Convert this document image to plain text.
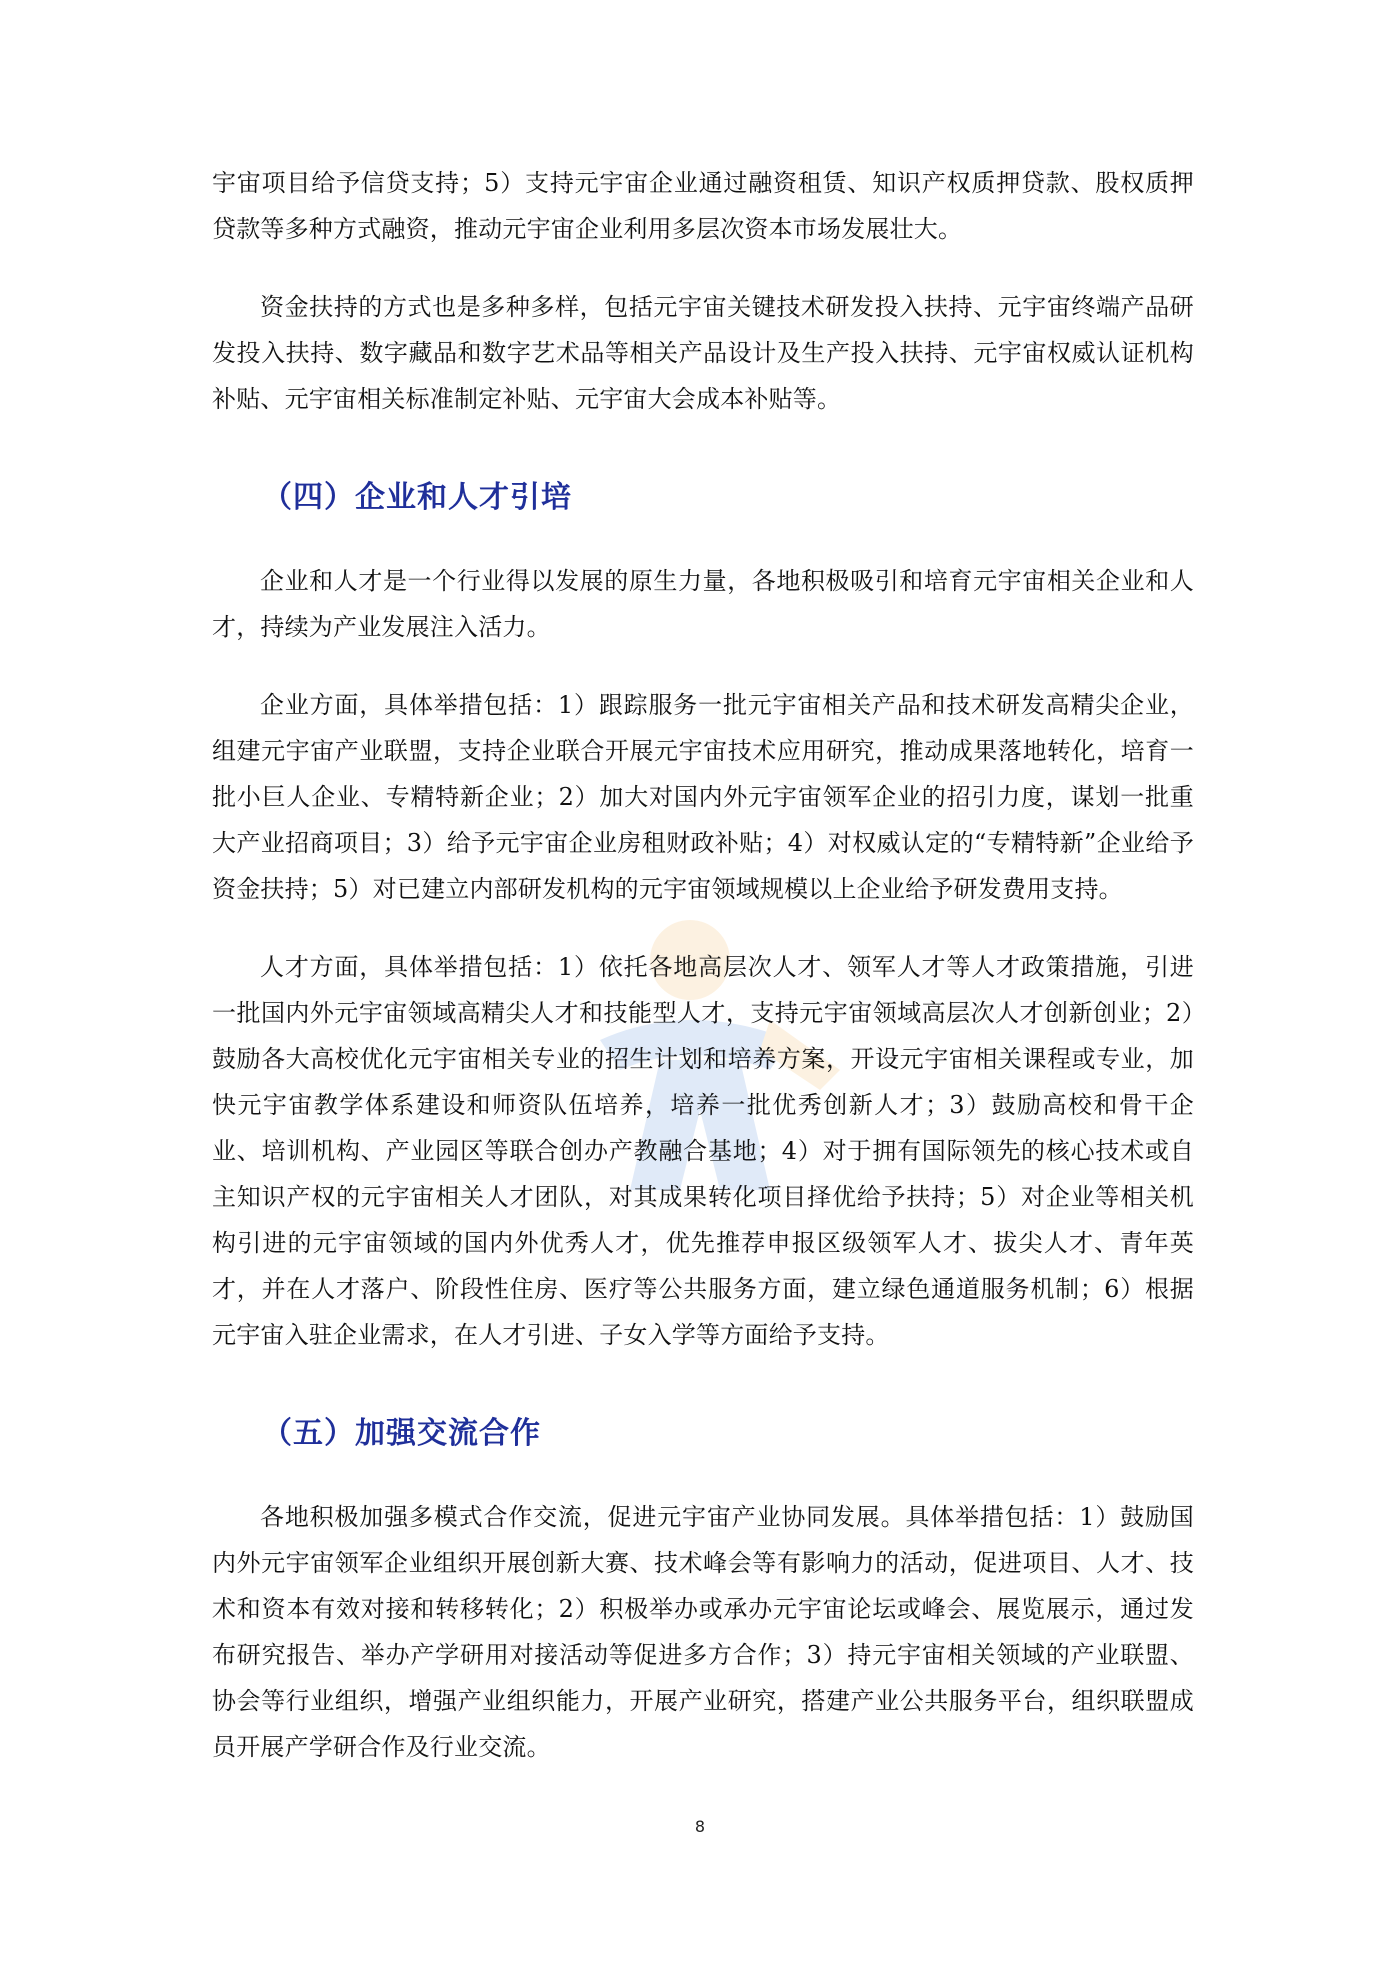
宇宙项目给予信贷支持；5）支持元宇宙企业通过融资租赁、知识产权质押贷款、股权质押贷款等多种方式融资，推动元宇宙企业利用多层次资本市场发展壮大。

资金扶持的方式也是多种多样，包括元宇宙关键技术研发投入扶持、元宇宙终端产品研发投入扶持、数字藏品和数字艺术品等相关产品设计及生产投入扶持、元宇宙权威认证机构补贴、元宇宙相关标准制定补贴、元宇宙大会成本补贴等。

（四）企业和人才引培

企业和人才是一个行业得以发展的原生力量，各地积极吸引和培育元宇宙相关企业和人才，持续为产业发展注入活力。

企业方面，具体举措包括：1）跟踪服务一批元宇宙相关产品和技术研发高精尖企业，组建元宇宙产业联盟，支持企业联合开展元宇宙技术应用研究，推动成果落地转化，培育一批小巨人企业、专精特新企业；2）加大对国内外元宇宙领军企业的招引力度，谋划一批重大产业招商项目；3）给予元宇宙企业房租财政补贴；4）对权威认定的“专精特新”企业给予资金扶持；5）对已建立内部研发机构的元宇宙领域规模以上企业给予研发费用支持。

人才方面，具体举措包括：1）依托各地高层次人才、领军人才等人才政策措施，引进一批国内外元宇宙领域高精尖人才和技能型人才，支持元宇宙领域高层次人才创新创业；2）鼓励各大高校优化元宇宙相关专业的招生计划和培养方案，开设元宇宙相关课程或专业，加快元宇宙教学体系建设和师资队伍培养，培养一批优秀创新人才；3）鼓励高校和骨干企业、培训机构、产业园区等联合创办产教融合基地；4）对于拥有国际领先的核心技术或自主知识产权的元宇宙相关人才团队，对其成果转化项目择优给予扶持；5）对企业等相关机构引进的元宇宙领域的国内外优秀人才，优先推荐申报区级领军人才、拔尖人才、青年英才，并在人才落户、阶段性住房、医疗等公共服务方面，建立绿色通道服务机制；6）根据元宇宙入驻企业需求，在人才引进、子女入学等方面给予支持。

（五）加强交流合作

各地积极加强多模式合作交流，促进元宇宙产业协同发展。具体举措包括：1）鼓励国内外元宇宙领军企业组织开展创新大赛、技术峰会等有影响力的活动，促进项目、人才、技术和资本有效对接和转移转化；2）积极举办或承办元宇宙论坛或峰会、展览展示，通过发布研究报告、举办产学研用对接活动等促进多方合作；3）持元宇宙相关领域的产业联盟、协会等行业组织，增强产业组织能力，开展产业研究，搭建产业公共服务平台，组织联盟成员开展产学研合作及行业交流。

8
